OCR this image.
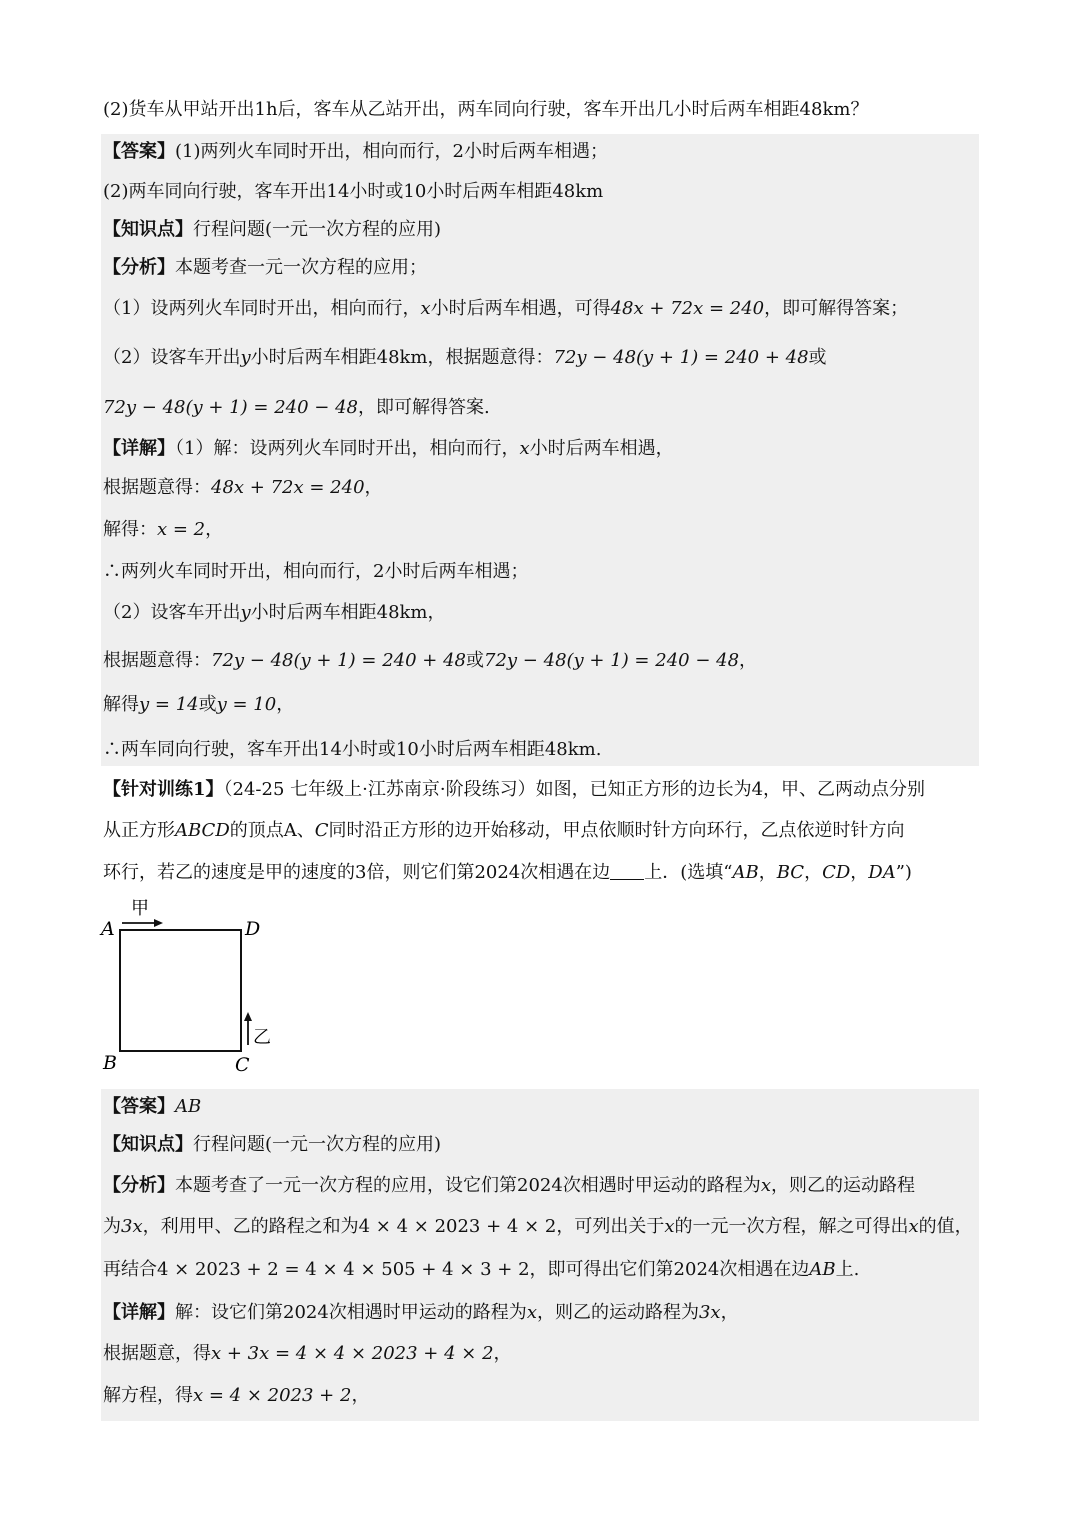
(2)货车从甲站开出1h后，客车从乙站开出，两车同向行驶，客车开出几小时后两车相距48km？
【答案】(1)两列火车同时开出，相向而行，2小时后两车相遇；
(2)两车同向行驶，客车开出14小时或10小时后两车相距48km
【知识点】行程问题(一元一次方程的应用)
【分析】本题考查一元一次方程的应用；
（1）设两列火车同时开出，相向而行，x小时后两车相遇，可得48x + 72x = 240，即可解得答案；
（2）设客车开出y小时后两车相距48km，根据题意得：72y − 48(y + 1) = 240 + 48或
72y − 48(y + 1) = 240 − 48，即可解得答案.
【详解】（1）解：设两列火车同时开出，相向而行，x小时后两车相遇，
根据题意得：48x + 72x = 240，
解得：x = 2，
∴两列火车同时开出，相向而行，2小时后两车相遇；
（2）设客车开出y小时后两车相距48km，
根据题意得：72y − 48(y + 1) = 240 + 48或72y − 48(y + 1) = 240 − 48，
解得y = 14或y = 10，
∴两车同向行驶，客车开出14小时或10小时后两车相距48km.
【针对训练1】（24-25 七年级上·江苏南京·阶段练习）如图，已知正方形的边长为4，甲、乙两动点分别
从正方形ABCD的顶点A、C同时沿正方形的边开始移动，甲点依顺时针方向环行，乙点依逆时针方向
环行，若乙的速度是甲的速度的3倍，则它们第2024次相遇在边 上．(选填“AB，BC，CD，DA”)
A	D
B	C
甲
乙
【答案】AB
【知识点】行程问题(一元一次方程的应用)
【分析】本题考查了一元一次方程的应用，设它们第2024次相遇时甲运动的路程为x，则乙的运动路程
为3x，利用甲、乙的路程之和为4 × 4 × 2023 + 4 × 2，可列出关于x的一元一次方程，解之可得出x的值，
再结合4 × 2023 + 2 = 4 × 4 × 505 + 4 × 3 + 2，即可得出它们第2024次相遇在边AB上.
【详解】解：设它们第2024次相遇时甲运动的路程为x，则乙的运动路程为3x，
根据题意，得x + 3x = 4 × 4 × 2023 + 4 × 2，
解方程，得x = 4 × 2023 + 2，
